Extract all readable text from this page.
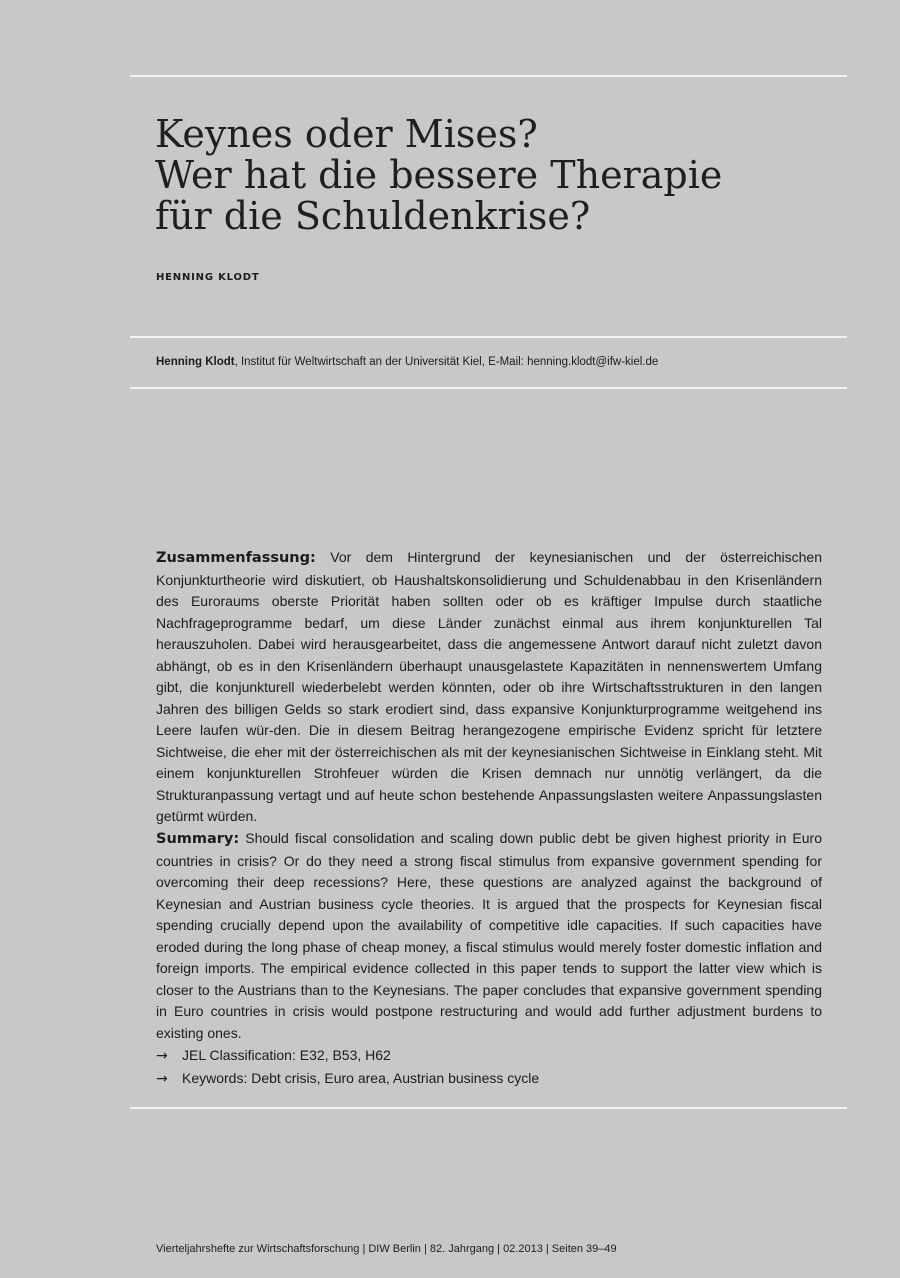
Keynes oder Mises?
Wer hat die bessere Therapie
für die Schuldenkrise?
HENNING KLODT
Henning Klodt, Institut für Weltwirtschaft an der Universität Kiel, E-Mail: henning.klodt@ifw-kiel.de

Zusammenfassung: Vor dem Hintergrund der keynesianischen und der österreichischen Konjunkturtheorie wird diskutiert, ob Haushaltskonsolidierung und Schuldenabbau in den Krisenländern des Euroraums oberste Priorität haben sollten oder ob es kräftiger Impulse durch staatliche Nachfrageprogramme bedarf, um diese Länder zunächst einmal aus ihrem konjunkturellen Tal herauszuholen. Dabei wird herausgearbeitet, dass die angemessene Antwort darauf nicht zuletzt davon abhängt, ob es in den Krisenländern überhaupt unausgelastete Kapazitäten in nennenswertem Umfang gibt, die konjunkturell wiederbelebt werden könnten, oder ob ihre Wirtschaftsstrukturen in den langen Jahren des billigen Gelds so stark erodiert sind, dass expansive Konjunkturprogramme weitgehend ins Leere laufen wür-den. Die in diesem Beitrag herangezogene empirische Evidenz spricht für letztere Sichtweise, die eher mit der österreichischen als mit der keynesianischen Sichtweise in Einklang steht. Mit einem konjunkturellen Strohfeuer würden die Krisen demnach nur unnötig verlängert, da die Strukturanpassung vertagt und auf heute schon bestehende Anpassungslasten weitere Anpassungslasten getürmt würden.

Summary: Should fiscal consolidation and scaling down public debt be given highest priority in Euro countries in crisis? Or do they need a strong fiscal stimulus from expansive government spending for overcoming their deep recessions? Here, these questions are analyzed against the background of Keynesian and Austrian business cycle theories. It is argued that the prospects for Keynesian fiscal spending crucially depend upon the availability of competitive idle capacities. If such capacities have eroded during the long phase of cheap money, a fiscal stimulus would merely foster domestic inflation and foreign imports. The empirical evidence collected in this paper tends to support the latter view which is closer to the Austrians than to the Keynesians. The paper concludes that expansive government spending in Euro countries in crisis would postpone restructuring and would add further adjustment burdens to existing ones.

→ JEL Classification: E32, B53, H62
→ Keywords: Debt crisis, Euro area, Austrian business cycle
Vierteljahrshefte zur Wirtschaftsforschung | DIW Berlin | 82. Jahrgang | 02.2013 | Seiten 39–49
